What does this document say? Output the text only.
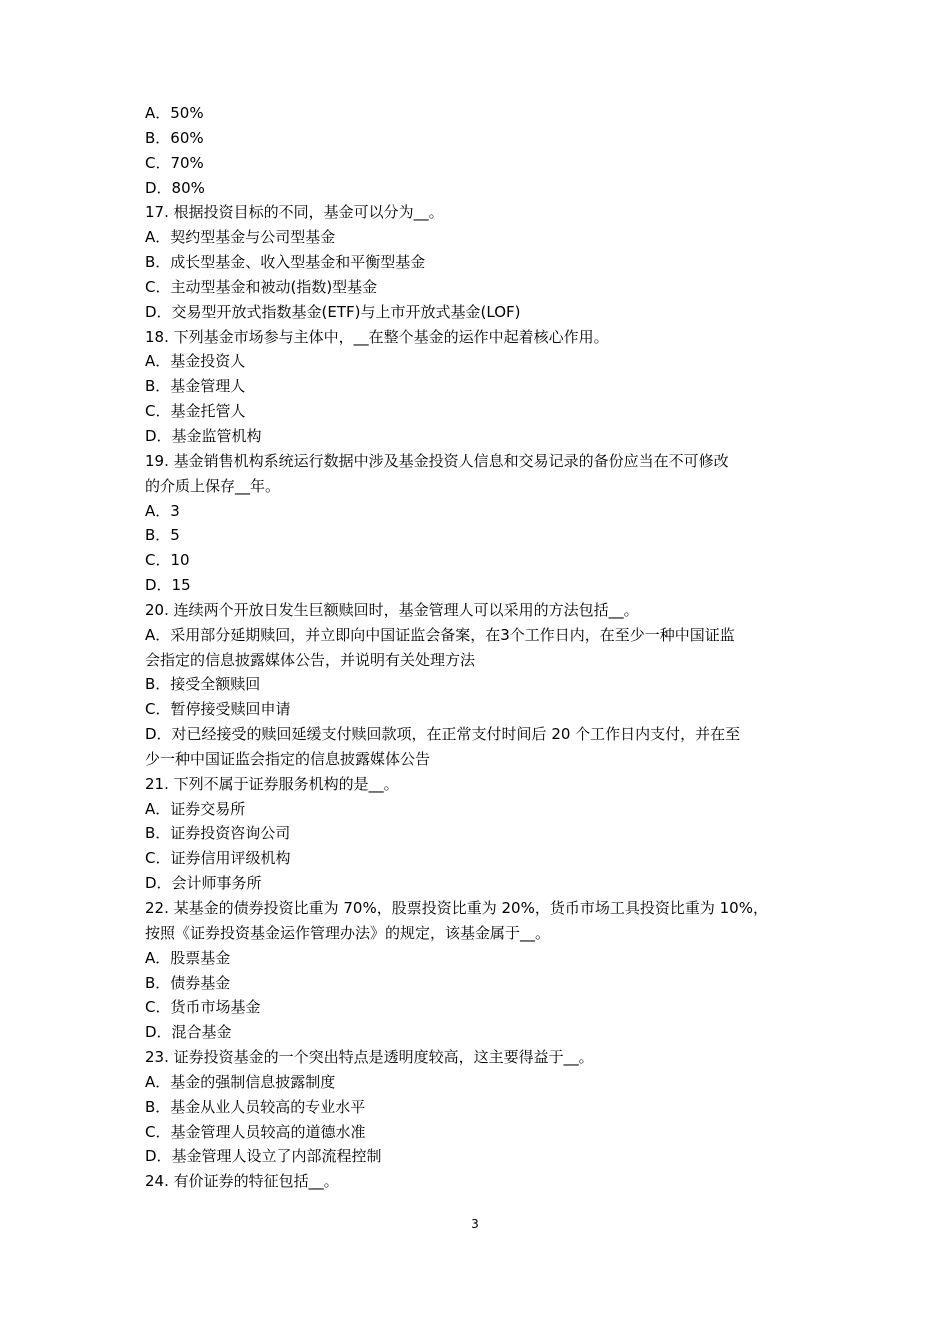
A．50%
B．60%
C．70%
D．80%
17. 根据投资目标的不同，基金可以分为__。
A．契约型基金与公司型基金
B．成长型基金、收入型基金和平衡型基金
C．主动型基金和被动(指数)型基金
D．交易型开放式指数基金(ETF)与上市开放式基金(LOF)
18. 下列基金市场参与主体中，__在整个基金的运作中起着核心作用。
A．基金投资人
B．基金管理人
C．基金托管人
D．基金监管机构
19. 基金销售机构系统运行数据中涉及基金投资人信息和交易记录的备份应当在不可修改
的介质上保存__年。
A．3
B．5
C．10
D．15
20. 连续两个开放日发生巨额赎回时，基金管理人可以采用的方法包括__。
A．采用部分延期赎回，并立即向中国证监会备案，在3个工作日内，在至少一种中国证监
会指定的信息披露媒体公告，并说明有关处理方法
B．接受全额赎回
C．暂停接受赎回申请
D．对已经接受的赎回延缓支付赎回款项，在正常支付时间后 20 个工作日内支付，并在至
少一种中国证监会指定的信息披露媒体公告
21. 下列不属于证券服务机构的是__。
A．证券交易所
B．证券投资咨询公司
C．证券信用评级机构
D．会计师事务所
22. 某基金的债券投资比重为 70%，股票投资比重为 20%，货币市场工具投资比重为 10%，
按照《证券投资基金运作管理办法》的规定，该基金属于__。
A．股票基金
B．债券基金
C．货币市场基金
D．混合基金
23. 证券投资基金的一个突出特点是透明度较高，这主要得益于__。
A．基金的强制信息披露制度
B．基金从业人员较高的专业水平
C．基金管理人员较高的道德水准
D．基金管理人设立了内部流程控制
24. 有价证券的特征包括__。
3
